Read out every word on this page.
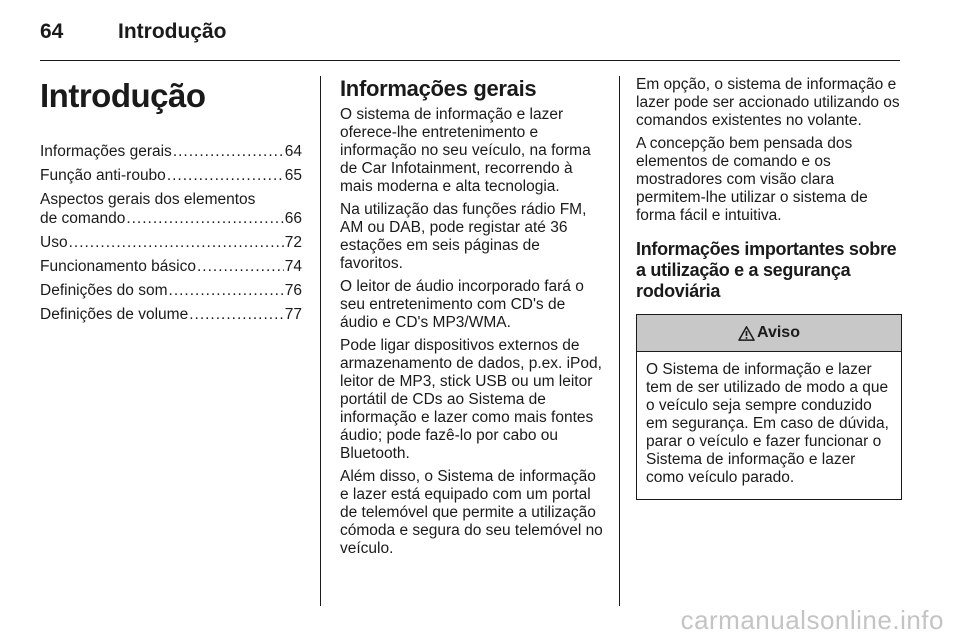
64	Introdução
Introdução
Informações gerais .....	64
Função anti-roubo .....	65
Aspectos gerais dos elementos
de comando .....	66
Uso .....	72
Funcionamento básico .....	74
Definições do som .....	76
Definições de volume .....	77
Informações gerais

O sistema de informação e lazer oferece-lhe entretenimento e informação no seu veículo, na forma de Car Infotainment, recorrendo à mais moderna e alta tecnologia.

Na utilização das funções rádio FM, AM ou DAB, pode registar até 36 estações em seis páginas de favoritos.

O leitor de áudio incorporado fará o seu entretenimento com CD's de áudio e CD's MP3/WMA.

Pode ligar dispositivos externos de armazenamento de dados, p.ex. iPod, leitor de MP3, stick USB ou um leitor portátil de CDs ao Sistema de informação e lazer como mais fontes áudio; pode fazê-lo por cabo ou Bluetooth.

Além disso, o Sistema de informação e lazer está equipado com um portal de telemóvel que permite a utilização cómoda e segura do seu telemóvel no veículo.

Em opção, o sistema de informação e lazer pode ser accionado utilizando os comandos existentes no volante.

A concepção bem pensada dos elementos de comando e os mostradores com visão clara permitem-lhe utilizar o sistema de forma fácil e intuitiva.

Informações importantes sobre a utilização e a segurança rodoviária
Aviso
O Sistema de informação e lazer tem de ser utilizado de modo a que o veículo seja sempre conduzido em segurança. Em caso de dúvida, parar o veículo e fazer funcionar o Sistema de informação e lazer como veículo parado.
carmanualsonline.info
